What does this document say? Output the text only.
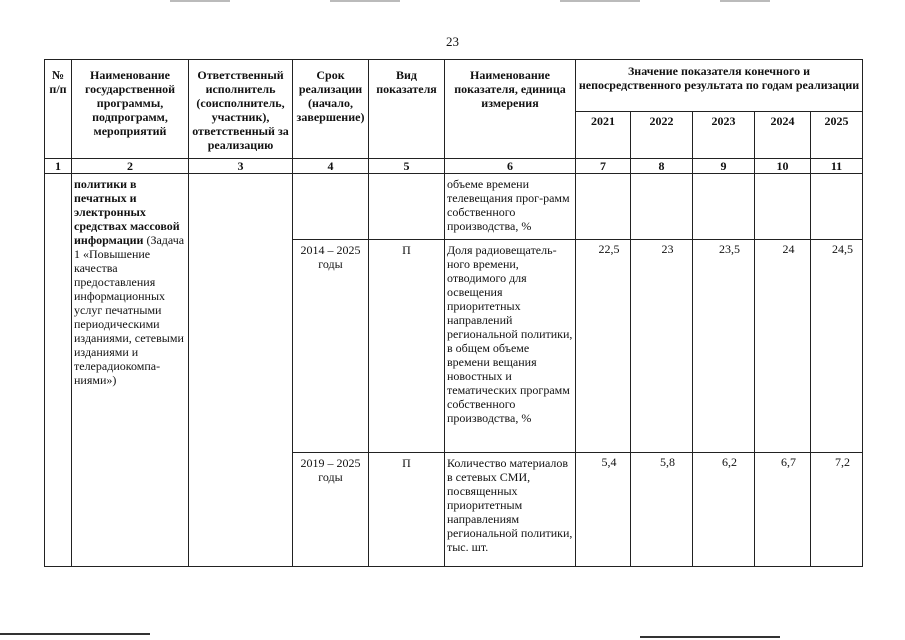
23
№ п/п	Наименование государственной программы, подпрограмм, мероприятий	Ответственный исполнитель (соисполнитель, участник), ответственный за реализацию	Срок реализации (начало, завершение)	Вид показателя	Наименование показателя, единица измерения	Значение показателя конечного и непосредственного результата по годам реализации				

						2021	2022	2023	2024	2025
1	2	3	4	5	6	7	8	9	10	11
	политики в печатных и электронных средствах массовой информации (Задача 1 «Повышение качества предоставления информационных услуг печатными периодическими изданиями, сетевыми изданиями и телерадиокомпа-ниями»)				объеме времени телевещания прог-рамм собственного производства, %					
			2014 – 2025 годы	П	Доля радиовещатель-ного времени, отводимого для освещения приоритетных направлений региональной политики, в общем объеме времени вещания новостных и тематических программ собственного производства, %	22,5	23	23,5	24	24,5
			2019 – 2025 годы	П	Количество материалов в сетевых СМИ, посвященных приоритетным направлениям региональной политики, тыс. шт.	5,4	5,8	6,2	6,7	7,2
